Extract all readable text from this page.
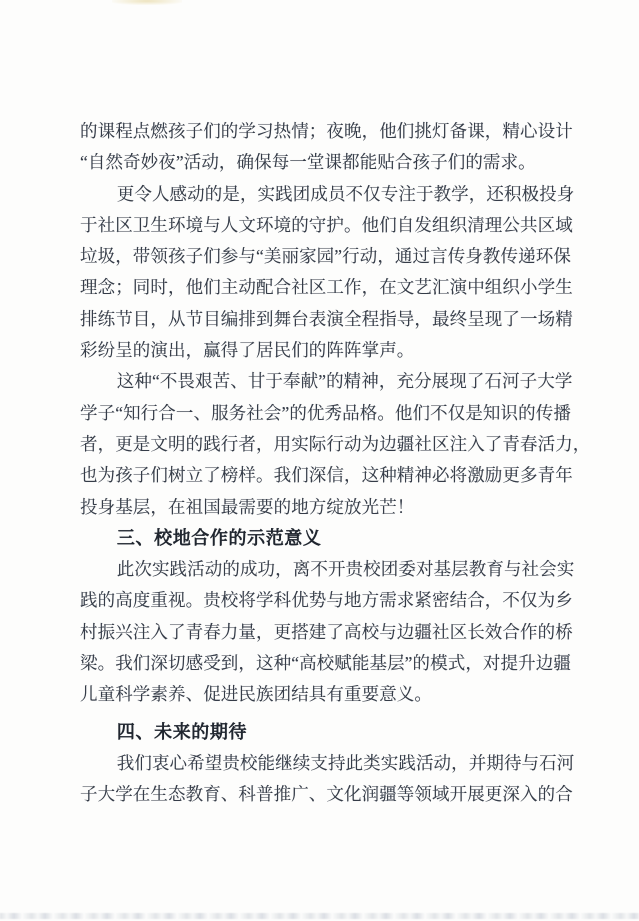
的课程点燃孩子们的学习热情；夜晚，他们挑灯备课，精心设计
“自然奇妙夜”活动，确保每一堂课都能贴合孩子们的需求。
更令人感动的是，实践团成员不仅专注于教学，还积极投身
于社区卫生环境与人文环境的守护。他们自发组织清理公共区域
垃圾，带领孩子们参与“美丽家园”行动，通过言传身教传递环保
理念；同时，他们主动配合社区工作，在文艺汇演中组织小学生
排练节目，从节目编排到舞台表演全程指导，最终呈现了一场精
彩纷呈的演出，赢得了居民们的阵阵掌声。
这种“不畏艰苦、甘于奉献”的精神，充分展现了石河子大学
学子“知行合一、服务社会”的优秀品格。他们不仅是知识的传播
者，更是文明的践行者，用实际行动为边疆社区注入了青春活力，
也为孩子们树立了榜样。我们深信，这种精神必将激励更多青年
投身基层，在祖国最需要的地方绽放光芒！
三、校地合作的示范意义
此次实践活动的成功，离不开贵校团委对基层教育与社会实
践的高度重视。贵校将学科优势与地方需求紧密结合，不仅为乡
村振兴注入了青春力量，更搭建了高校与边疆社区长效合作的桥
梁。我们深切感受到，这种“高校赋能基层”的模式，对提升边疆
儿童科学素养、促进民族团结具有重要意义。
四、未来的期待
我们衷心希望贵校能继续支持此类实践活动，并期待与石河
子大学在生态教育、科普推广、文化润疆等领域开展更深入的合
